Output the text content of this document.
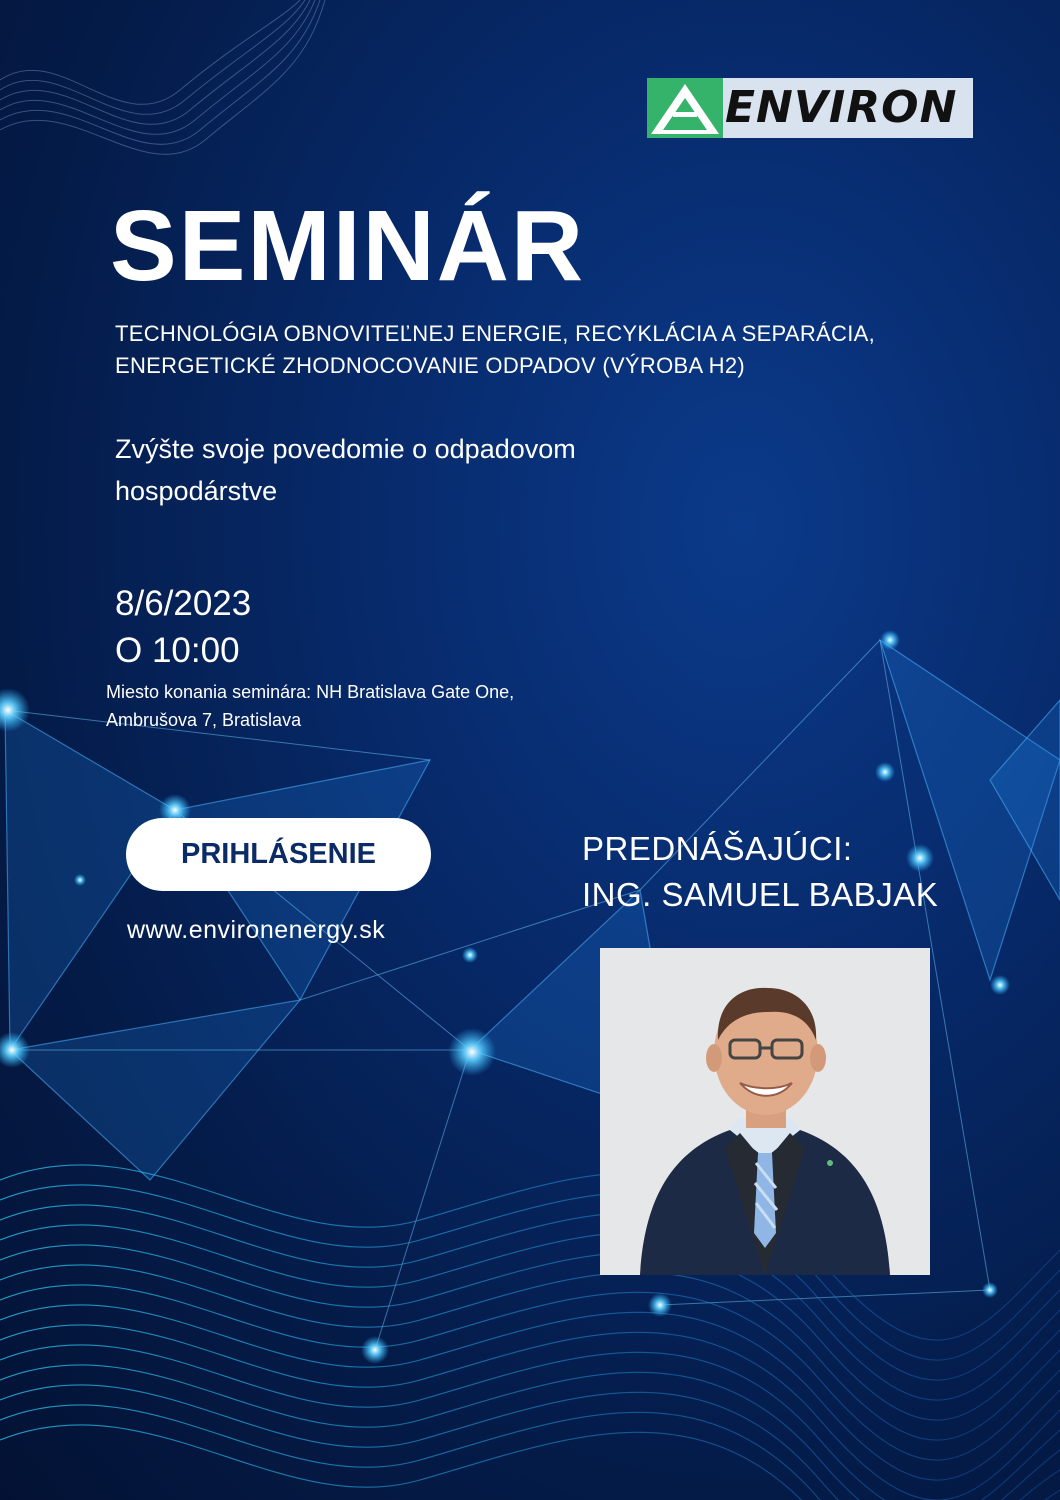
ENVIRON
SEMINÁR

TECHNOLÓGIA OBNOVITEĽNEJ ENERGIE, RECYKLÁCIA A SEPARÁCIA,
ENERGETICKÉ ZHODNOCOVANIE ODPADOV (VÝROBA H2)

Zvýšte svoje povedomie o odpadovom
hospodárstve

8/6/2023
O 10:00

Miesto konania seminára: NH Bratislava Gate One,
Ambrušova 7, Bratislava

PRIHLÁSENIE
www.environenergy.sk
PREDNÁŠAJÚCI:
ING. SAMUEL BABJAK
